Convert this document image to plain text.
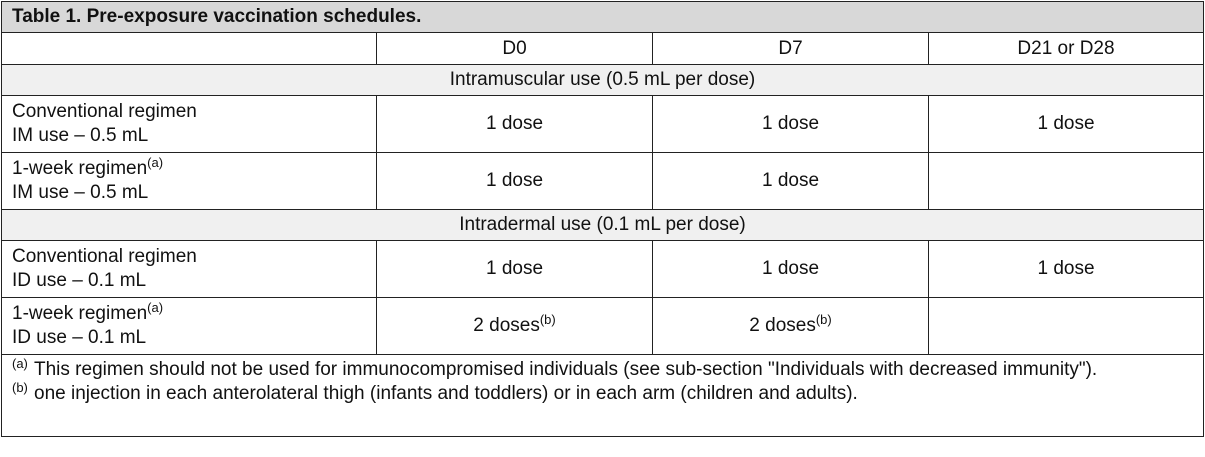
Table 1. Pre-exposure vaccination schedules.			
	D0	D7	D21 or D28
Intramuscular use (0.5 mL per dose)			

Conventional regimen
IM use – 0.5 mL	1 dose	1 dose	1 dose

1-week regimen$^{(a)}$
IM use – 0.5 mL	1 dose	1 dose	
Intradermal use (0.1 mL per dose)			

Conventional regimen
ID use – 0.1 mL	1 dose	1 dose	1 dose

1-week regimen$^{(a)}$
ID use – 0.1 mL	2 doses$^{(b)}$	2 doses$^{(b)}$	

$^{(a)}$ This regimen should not be used for immunocompromised individuals (see sub-section "Individuals with decreased immunity").
$^{(b)}$ one injection in each anterolateral thigh (infants and toddlers) or in each arm (children and adults).			
